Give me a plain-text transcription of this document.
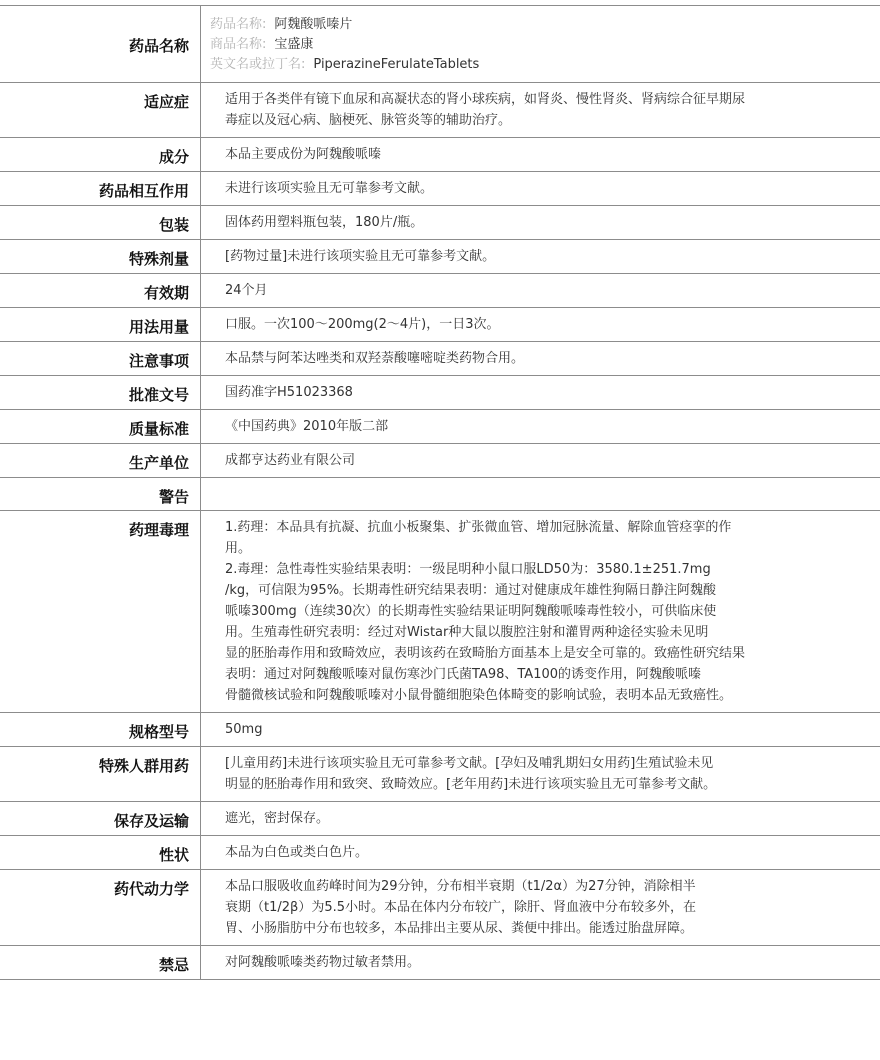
药品名称
药品名称: 阿魏酸哌嗪片
商品名称: 宝盛康
英文名或拉丁名: PiperazineFerulateTablets
适应症	适用于各类伴有镜下血尿和高凝状态的肾小球疾病，如肾炎、慢性肾炎、肾病综合征早期尿
毒症以及冠心病、脑梗死、脉管炎等的辅助治疗。
成分	本品主要成份为阿魏酸哌嗪
药品相互作用	未进行该项实验且无可靠参考文献。
包装	固体药用塑料瓶包装，180片/瓶。
特殊剂量	[药物过量]未进行该项实验且无可靠参考文献。
有效期	24个月
用法用量	口服。一次100～200mg(2～4片)，一日3次。
注意事项	本品禁与阿苯达唑类和双羟萘酸噻嘧啶类药物合用。
批准文号	国药准字H51023368
质量标准	《中国药典》2010年版二部
生产单位	成都亨达药业有限公司
警告
药理毒理	1.药理：本品具有抗凝、抗血小板聚集、扩张微血管、增加冠脉流量、解除血管痉挛的作
用。
2.毒理：急性毒性实验结果表明：一级昆明种小鼠口服LD50为：3580.1±251.7mg
/kg，可信限为95%。长期毒性研究结果表明：通过对健康成年雄性狗隔日静注阿魏酸
哌嗪300mg（连续30次）的长期毒性实验结果证明阿魏酸哌嗪毒性较小，可供临床使
用。生殖毒性研究表明：经过对Wistar种大鼠以腹腔注射和灌胃两种途径实验未见明
显的胚胎毒作用和致畸效应，表明该药在致畸胎方面基本上是安全可靠的。致癌性研究结果
表明：通过对阿魏酸哌嗪对鼠伤寒沙门氏菌TA98、TA100的诱变作用，阿魏酸哌嗪
骨髓微核试验和阿魏酸哌嗪对小鼠骨髓细胞染色体畸变的影响试验，表明本品无致癌性。
规格型号	50mg
特殊人群用药	[儿童用药]未进行该项实验且无可靠参考文献。[孕妇及哺乳期妇女用药]生殖试验未见
明显的胚胎毒作用和致突、致畸效应。[老年用药]未进行该项实验且无可靠参考文献。
保存及运输	遮光，密封保存。
性状	本品为白色或类白色片。
药代动力学	本品口服吸收血药峰时间为29分钟，分布相半衰期（t1/2α）为27分钟，消除相半
衰期（t1/2β）为5.5小时。本品在体内分布较广，除肝、肾血液中分布较多外，在
胃、小肠脂肪中分布也较多，本品排出主要从尿、粪便中排出。能透过胎盘屏障。
禁忌	对阿魏酸哌嗪类药物过敏者禁用。
